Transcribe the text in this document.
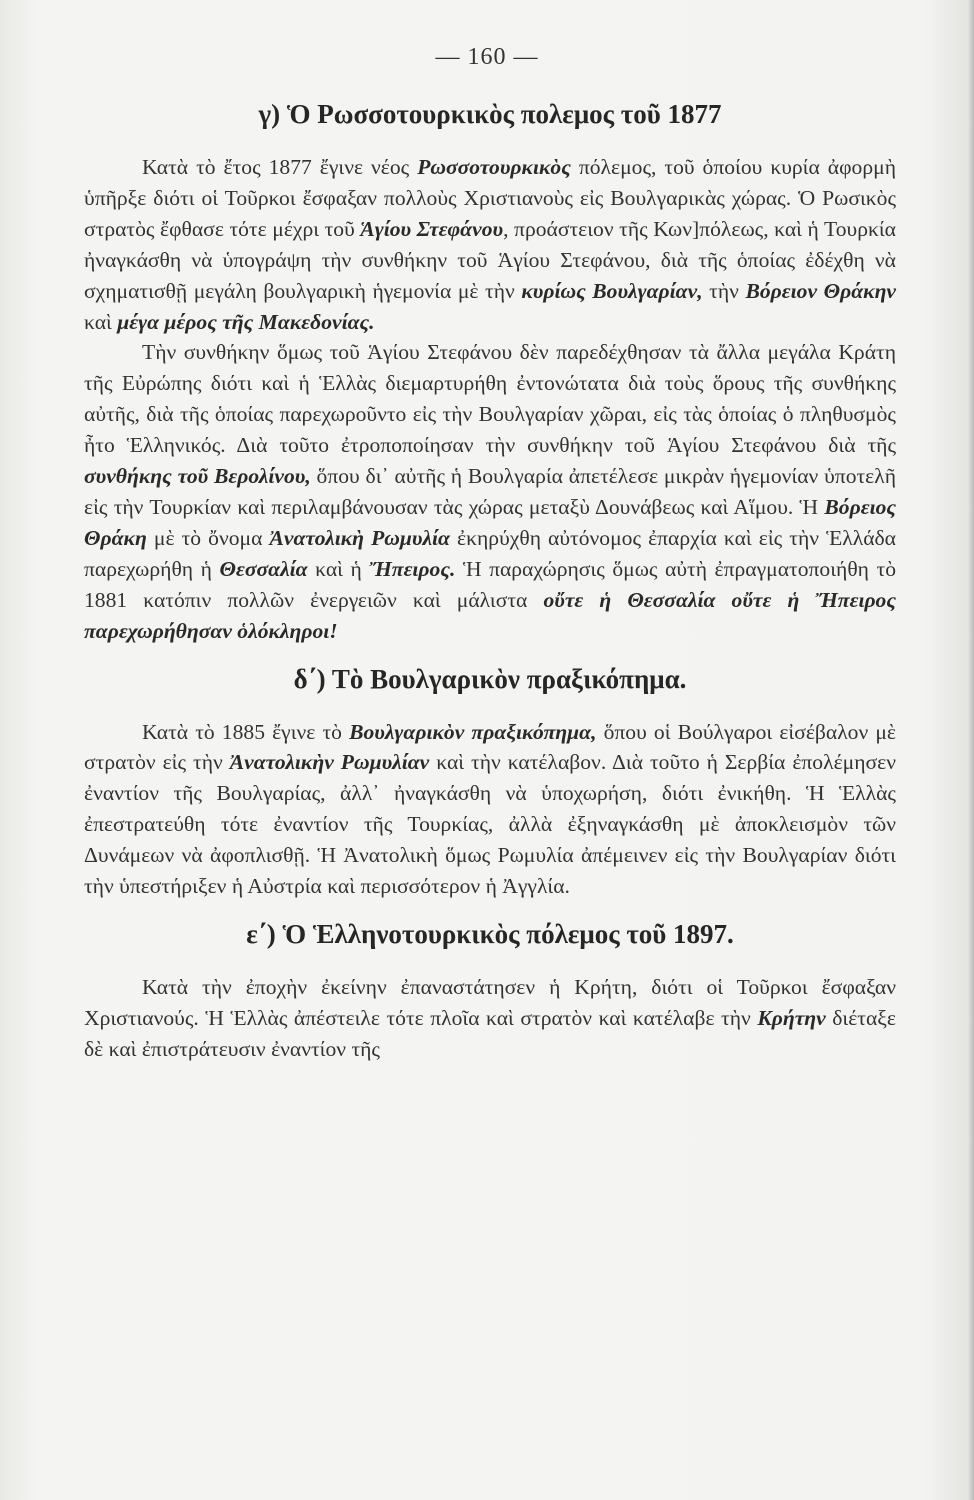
— 160 —
γ) Ὁ Ρωσσοτουρκικὸς πολεμος τοῦ 1877

Κατὰ τὸ ἔτος 1877 ἔγινε νέος Ρωσσοτουρκικὸς πόλεμος, τοῦ ὁποίου κυρία ἀφορμὴ ὑπῆρξε διότι οἱ Τοῦρκοι ἔσφαξαν πολλοὺς Χριστιανοὺς εἰς Βουλγαρικὰς χώρας. Ὁ Ρωσικὸς στρατὸς ἔφθασε τότε μέχρι τοῦ Ἁγίου Στεφάνου, προάστειον τῆς Κων]πόλεως, καὶ ἡ Τουρκία ἠναγκάσθη νὰ ὑπογράψη τὴν συνθήκην τοῦ Ἁγίου Στεφάνου, διὰ τῆς ὁποίας ἐδέχθη νὰ σχηματισθῇ μεγάλη βουλγαρικὴ ἡγεμονία μὲ τὴν κυρίως Βουλγαρίαν, τὴν Βόρειον Θράκην καὶ μέγα μέρος τῆς Μακεδονίας.

Τὴν συνθήκην ὅμως τοῦ Ἁγίου Στεφάνου δὲν παρεδέχθησαν τὰ ἄλλα μεγάλα Κράτη τῆς Εὐρώπης διότι καὶ ἡ Ἑλλὰς διεμαρτυρήθη ἐντονώτατα διὰ τοὺς ὅρους τῆς συνθήκης αὐτῆς, διὰ τῆς ὁποίας παρεχωροῦντο εἰς τὴν Βουλγαρίαν χῶραι, εἰς τὰς ὁποίας ὁ πληθυσμὸς ἦτο Ἑλληνικός. Διὰ τοῦτο ἐτροποποίησαν τὴν συνθήκην τοῦ Ἁγίου Στεφάνου διὰ τῆς συνθήκης τοῦ Βερολίνου, ὅπου δι᾽ αὐτῆς ἡ Βουλγαρία ἀπετέλεσε μικρὰν ἡγεμονίαν ὑποτελῆ εἰς τὴν Τουρκίαν καὶ περιλαμβάνουσαν τὰς χώρας μεταξὺ Δουνάβεως καὶ Αἵμου. Ἡ Βόρειος Θράκη μὲ τὸ ὄνομα Ἀνατολικὴ Ρωμυλία ἐκηρύχθη αὐτόνομος ἐπαρχία καὶ εἰς τὴν Ἑλλάδα παρεχωρήθη ἡ Θεσσαλία καὶ ἡ Ἤπειρος. Ἡ παραχώρησις ὅμως αὐτὴ ἐπραγματοποιήθη τὸ 1881 κατόπιν πολλῶν ἐνεργειῶν καὶ μάλιστα οὔτε ἡ Θεσσαλία οὔτε ἡ Ἤπειρος παρεχωρήθησαν ὁλόκληροι!

δ΄) Τὸ Βουλγαρικὸν πραξικόπημα.

Κατὰ τὸ 1885 ἔγινε τὸ Βουλγαρικὸν πραξικόπημα, ὅπου οἱ Βούλγαροι εἰσέβαλον μὲ στρατὸν εἰς τὴν Ἀνατολικὴν Ρωμυλίαν καὶ τὴν κατέλαβον. Διὰ τοῦτο ἡ Σερβία ἐπολέμησεν ἐναντίον τῆς Βουλγαρίας, ἀλλ᾽ ἠναγκάσθη νὰ ὑποχωρήση, διότι ἐνικήθη. Ἡ Ἑλλὰς ἐπεστρατεύθη τότε ἐναντίον τῆς Τουρκίας, ἀλλὰ ἐξηναγκάσθη μὲ ἀποκλεισμὸν τῶν Δυνάμεων νὰ ἀφοπλισθῇ. Ἡ Ἀνατολικὴ ὅμως Ρωμυλία ἀπέμεινεν εἰς τὴν Βουλγαρίαν διότι τὴν ὑπεστήριξεν ἡ Αὐστρία καὶ περισσότερον ἡ Ἀγγλία.

ε΄) Ὁ Ἑλληνοτουρκικὸς πόλεμος τοῦ 1897.

Κατὰ τὴν ἐποχὴν ἐκείνην ἐπαναστάτησεν ἡ Κρήτη, διότι οἱ Τοῦρκοι ἔσφαξαν Χριστιανούς. Ἡ Ἑλλὰς ἀπέστειλε τότε πλοῖα καὶ στρατὸν καὶ κατέλαβε τὴν Κρήτην διέταξε δὲ καὶ ἐπιστράτευσιν ἐναντίον τῆς
